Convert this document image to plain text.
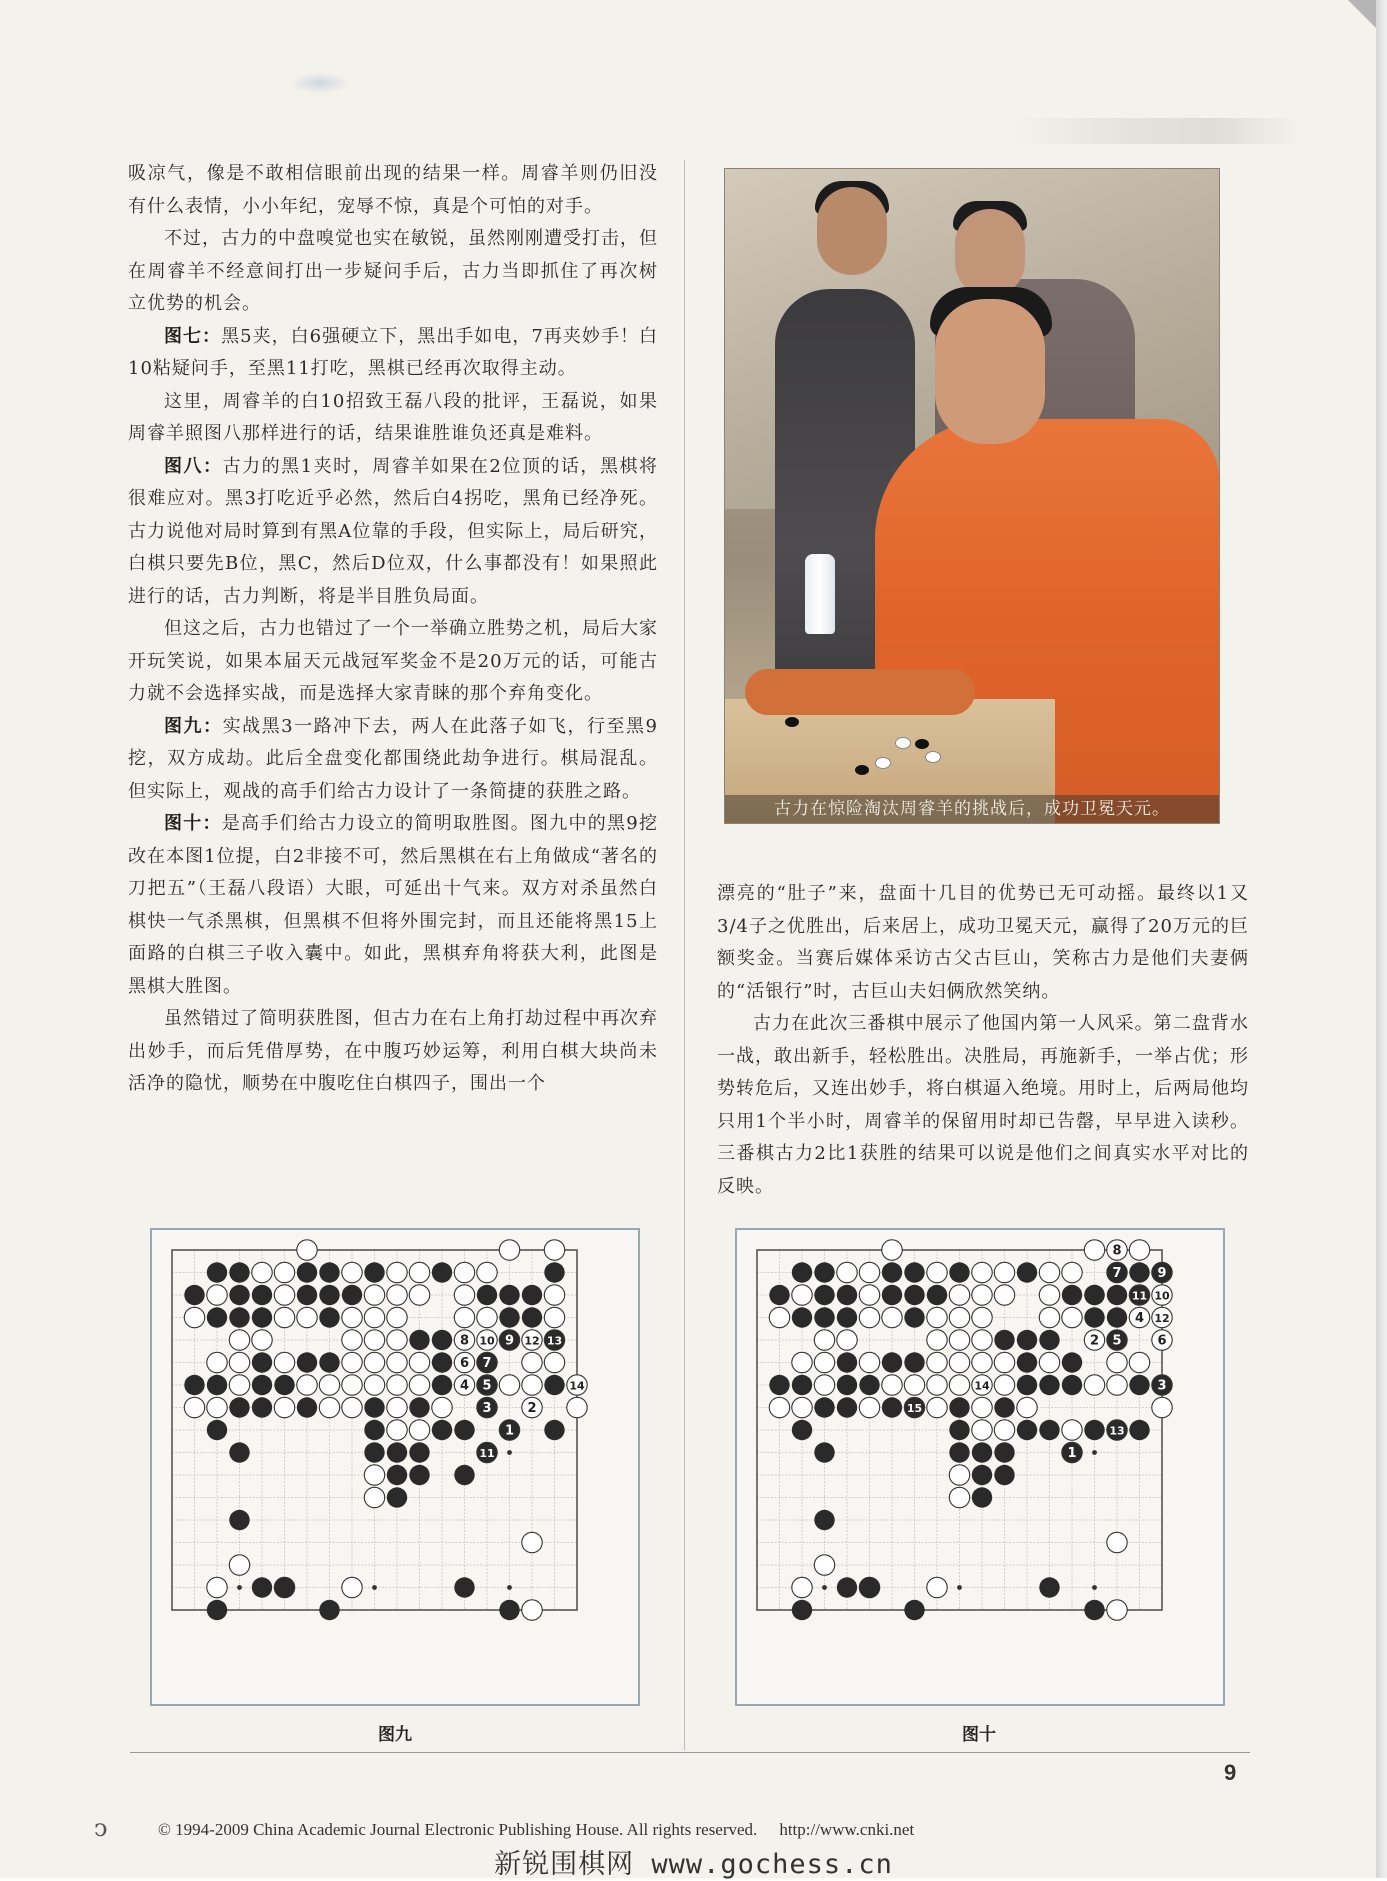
吸凉气，像是不敢相信眼前出现的结果一样。周睿羊则仍旧没有什么表情，小小年纪，宠辱不惊，真是个可怕的对手。

不过，古力的中盘嗅觉也实在敏锐，虽然刚刚遭受打击，但在周睿羊不经意间打出一步疑问手后，古力当即抓住了再次树立优势的机会。

图七：黑5夹，白6强硬立下，黑出手如电，7再夹妙手！白10粘疑问手，至黑11打吃，黑棋已经再次取得主动。

这里，周睿羊的白10招致王磊八段的批评，王磊说，如果周睿羊照图八那样进行的话，结果谁胜谁负还真是难料。

图八：古力的黑1夹时，周睿羊如果在2位顶的话，黑棋将很难应对。黑3打吃近乎必然，然后白4拐吃，黑角已经净死。古力说他对局时算到有黑A位靠的手段，但实际上，局后研究，白棋只要先B位，黑C，然后D位双，什么事都没有！如果照此进行的话，古力判断，将是半目胜负局面。

但这之后，古力也错过了一个一举确立胜势之机，局后大家开玩笑说，如果本届天元战冠军奖金不是20万元的话，可能古力就不会选择实战，而是选择大家青睐的那个弃角变化。

图九：实战黑3一路冲下去，两人在此落子如飞，行至黑9挖，双方成劫。此后全盘变化都围绕此劫争进行。棋局混乱。但实际上，观战的高手们给古力设计了一条简捷的获胜之路。

图十：是高手们给古力设立的简明取胜图。图九中的黑9挖改在本图1位提，白2非接不可，然后黑棋在右上角做成“著名的刀把五”（王磊八段语）大眼，可延出十气来。双方对杀虽然白棋快一气杀黑棋，但黑棋不但将外围完封，而且还能将黑15上面路的白棋三子收入囊中。如此，黑棋弃角将获大利，此图是黑棋大胜图。

虽然错过了简明获胜图，但古力在右上角打劫过程中再次弃出妙手，而后凭借厚势，在中腹巧妙运筹，利用白棋大块尚未活净的隐忧，顺势在中腹吃住白棋四子，围出一个

古力在惊险淘汰周睿羊的挑战后，成功卫冕天元。

漂亮的“肚子”来，盘面十几目的优势已无可动摇。最终以1又3/4子之优胜出，后来居上，成功卫冕天元，赢得了20万元的巨额奖金。当赛后媒体采访古父古巨山，笑称古力是他们夫妻俩的“活银行”时，古巨山夫妇俩欣然笑纳。

古力在此次三番棋中展示了他国内第一人风采。第二盘背水一战，敢出新手，轻松胜出。决胜局，再施新手，一举占优；形势转危后，又连出妙手，将白棋逼入绝境。用时上，后两局他均只用1个半小时，周睿羊的保留用时却已告罄，早早进入读秒。三番棋古力2比1获胜的结果可以说是他们之间真实水平对比的反映。

8 10 9 12 13
6 7
4 5	14
3	2
1
11
8
7	9
11 10
4 12
2 5	6
14	3
15
13
1
图九	图十
9
ↄ	© 1994-2009 China Academic Journal Electronic Publishing House. All rights reserved. http://www.cnki.net
新锐围棋网 www.gochess.cn
